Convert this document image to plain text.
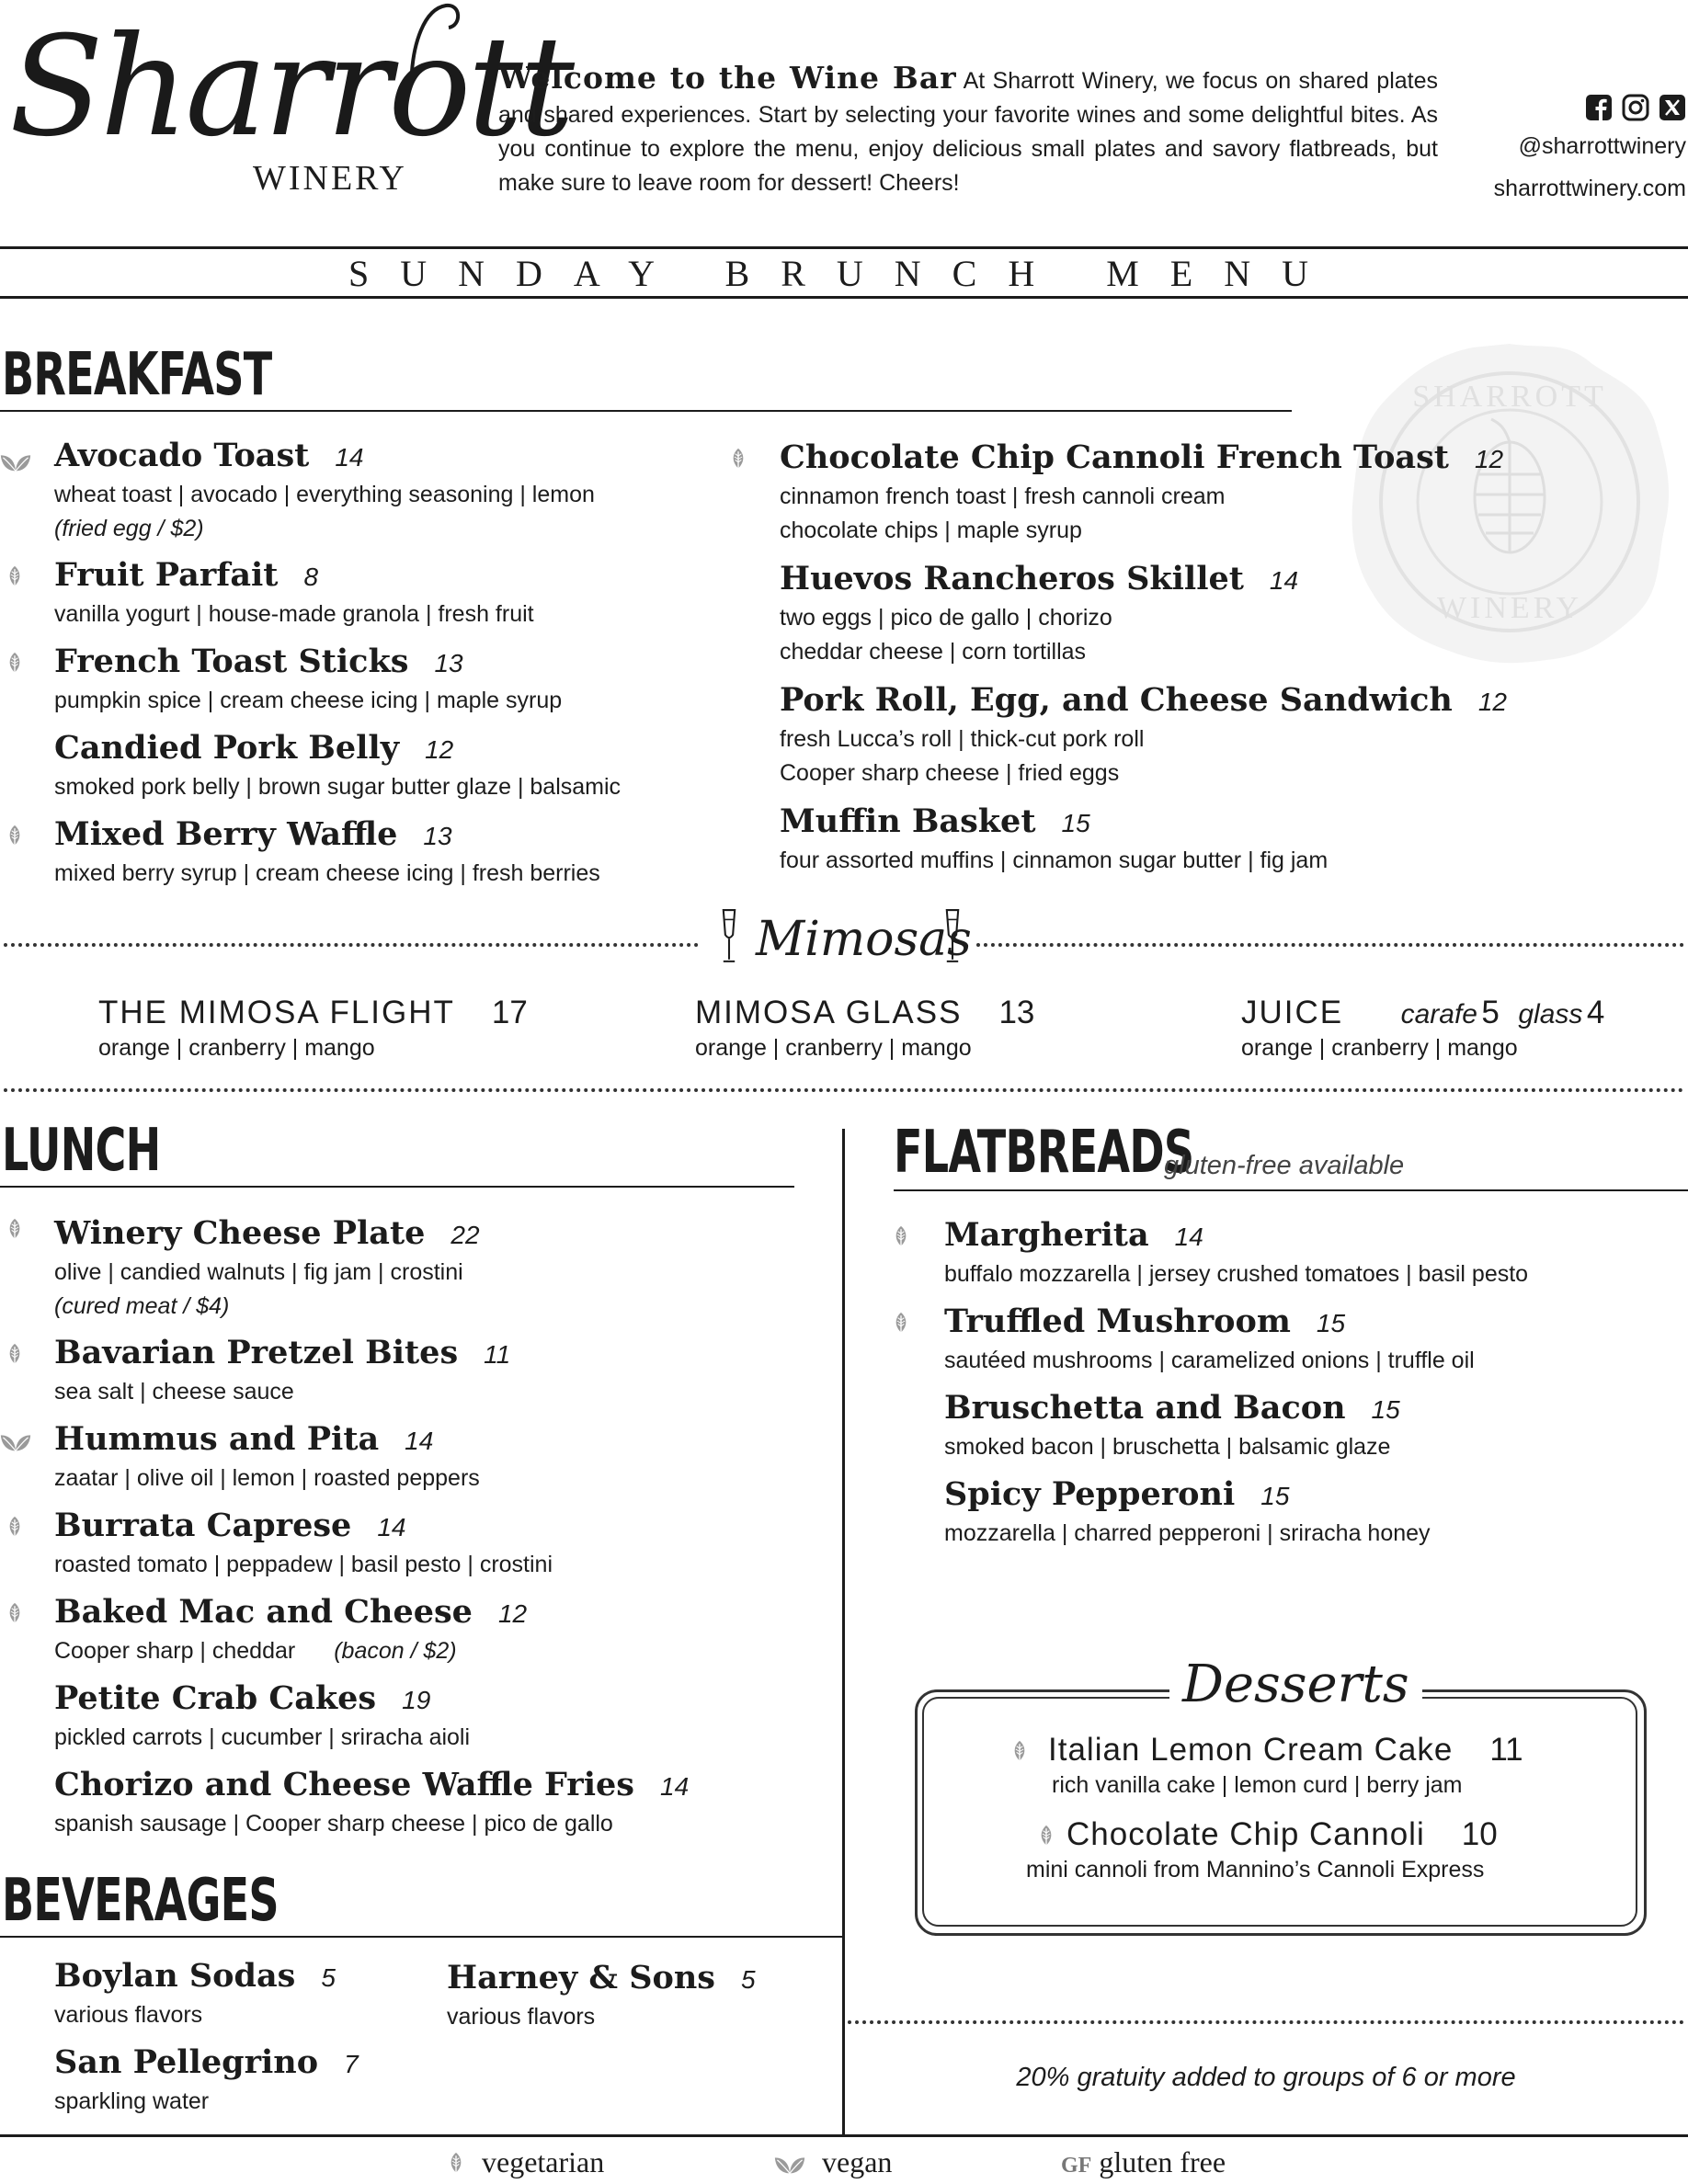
Sharrott
WINERY
Welcome to the Wine Bar At Sharrott Winery, we focus on shared plates and shared experiences. Start by selecting your favorite wines and some delightful bites. As you continue to explore the menu, enjoy delicious small plates and savory flatbreads, but make sure to leave room for dessert! Cheers!
@sharrottwinery
sharrottwinery.com
SUNDAY BRUNCH MENU
SHARROTT
WINERY
BREAKFAST
Avocado Toast 14
wheat toast | avocado | everything seasoning | lemon
(fried egg / $2)
Fruit Parfait 8
vanilla yogurt | house-made granola | fresh fruit
French Toast Sticks 13
pumpkin spice | cream cheese icing | maple syrup
Candied Pork Belly 12
smoked pork belly | brown sugar butter glaze | balsamic
Mixed Berry Waffle 13
mixed berry syrup | cream cheese icing | fresh berries
Chocolate Chip Cannoli French Toast 12
cinnamon french toast | fresh cannoli cream
chocolate chips | maple syrup
Huevos Rancheros Skillet 14
two eggs | pico de gallo | chorizo
cheddar cheese | corn tortillas
Pork Roll, Egg, and Cheese Sandwich 12
fresh Lucca’s roll | thick-cut pork roll
Cooper sharp cheese | fried eggs
Muffin Basket 15
four assorted muffins | cinnamon sugar butter | fig jam
Mimosas
THE MIMOSA FLIGHT 17
orange | cranberry | mango
MIMOSA GLASS 13
orange | cranberry | mango
JUICE carafe 5 glass 4
orange | cranberry | mango
LUNCH
Winery Cheese Plate 22
olive | candied walnuts | fig jam | crostini
(cured meat / $4)
Bavarian Pretzel Bites 11
sea salt | cheese sauce
Hummus and Pita 14
zaatar | olive oil | lemon | roasted peppers
Burrata Caprese 14
roasted tomato | peppadew | basil pesto | crostini
Baked Mac and Cheese 12
Cooper sharp | cheddar (bacon / $2)
Petite Crab Cakes 19
pickled carrots | cucumber | sriracha aioli
Chorizo and Cheese Waffle Fries 14
spanish sausage | Cooper sharp cheese | pico de gallo
FLATBREADS
gluten-free available
Margherita 14
buffalo mozzarella | jersey crushed tomatoes | basil pesto
Truffled Mushroom 15
sautéed mushrooms | caramelized onions | truffle oil
Bruschetta and Bacon 15
smoked bacon | bruschetta | balsamic glaze
Spicy Pepperoni 15
mozzarella | charred pepperoni | sriracha honey
Desserts
Italian Lemon Cream Cake 11
rich vanilla cake | lemon curd | berry jam
Chocolate Chip Cannoli 10
mini cannoli from Mannino’s Cannoli Express
BEVERAGES
Boylan Sodas 5
various flavors
Harney & Sons 5
various flavors
San Pellegrino 7
sparkling water
20% gratuity added to groups of 6 or more
vegetarian	vegan	GF gluten free
